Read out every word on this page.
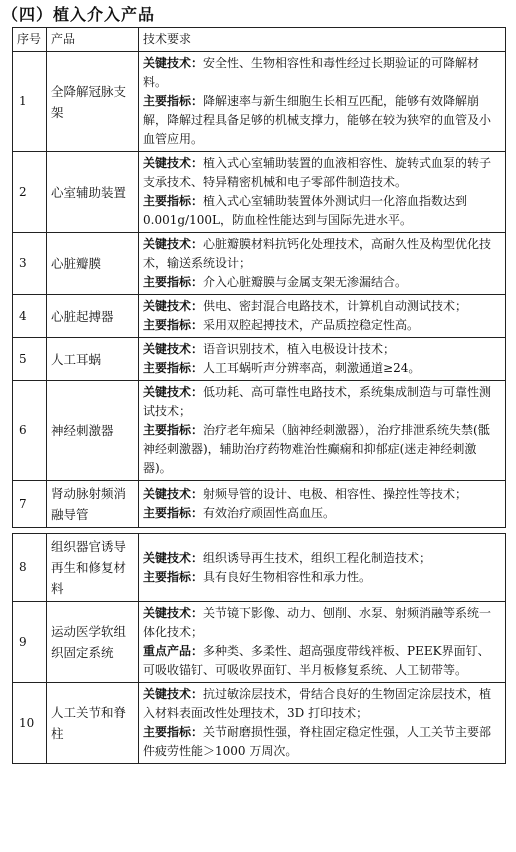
（四）植入介入产品
序号	产品	技术要求
1	全降解冠脉支架	关键技术：安全性、生物相容性和毒性经过长期验证的可降解材料。
主要指标：降解速率与新生细胞生长相互匹配，能够有效降解崩解，降解过程具备足够的机械支撑力，能够在较为狭窄的血管及小血管应用。

2	心室辅助装置	关键技术：植入式心室辅助装置的血液相容性、旋转式血泵的转子支承技术、特异精密机械和电子零部件制造技术。
主要指标：植入式心室辅助装置体外测试归一化溶血指数达到0.001g/100L，防血栓性能达到与国际先进水平。

3	心脏瓣膜	关键技术：心脏瓣膜材料抗钙化处理技术，高耐久性及构型优化技术，输送系统设计；
主要指标：介入心脏瓣膜与金属支架无渗漏结合。

4	心脏起搏器	关键技术：供电、密封混合电路技术，计算机自动测试技术；
主要指标：采用双腔起搏技术，产品质控稳定性高。

5	人工耳蜗	关键技术：语音识别技术，植入电极设计技术；
主要指标：人工耳蜗听声分辨率高，刺激通道≥24。

6	神经刺激器	关键技术：低功耗、高可靠性电路技术，系统集成制造与可靠性测试技术；
主要指标：治疗老年痴呆（脑神经刺激器），治疗排泄系统失禁(骶神经刺激器)，辅助治疗药物难治性癫痫和抑郁症(迷走神经刺激器)。

7	肾动脉射频消融导管	关键技术：射频导管的设计、电极、相容性、操控性等技术；
主要指标：有效治疗顽固性高血压。

8	组织器官诱导再生和修复材料	关键技术：组织诱导再生技术，组织工程化制造技术；
主要指标：具有良好生物相容性和承力性。

9	运动医学软组织固定系统	关键技术：关节镜下影像、动力、刨削、水泵、射频消融等系统一体化技术；
重点产品：多种类、多柔性、超高强度带线袢板、PEEK界面钉、可吸收锚钉、可吸收界面钉、半月板修复系统、人工韧带等。

10	人工关节和脊柱	关键技术：抗过敏涂层技术，骨结合良好的生物固定涂层技术，植入材料表面改性处理技术，3D 打印技术；
主要指标：关节耐磨损性强，脊柱固定稳定性强，人工关节主要部件疲劳性能＞1000 万周次。
